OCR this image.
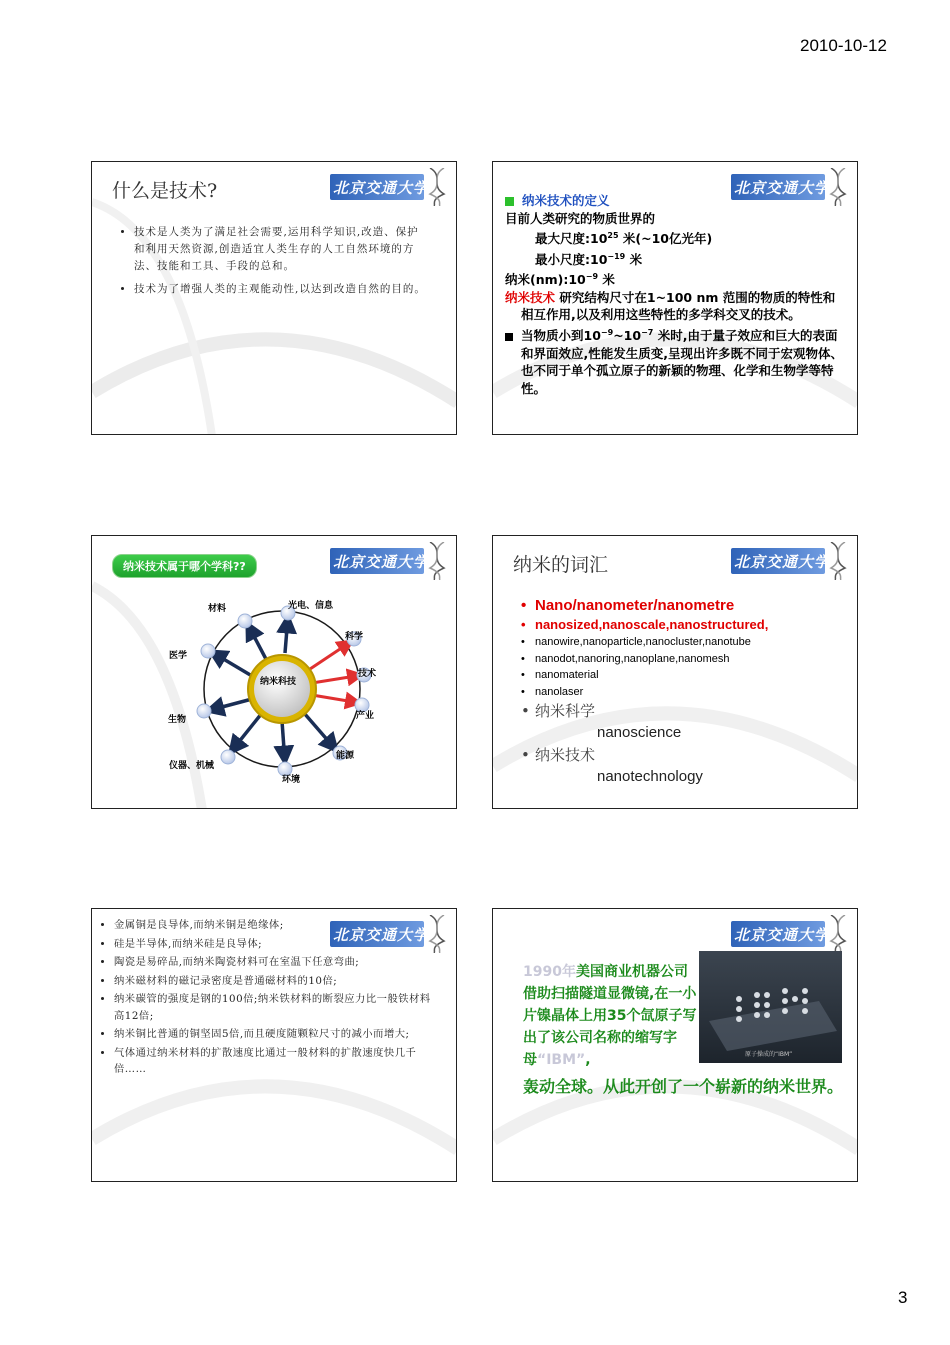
2010-10-12
北京交通大学
什么是技术?
• 技术是人类为了满足社会需要,运用科学知识,改造、保护和利用天然资源,创造适宜人类生存的人工自然环境的方法、技能和工具、手段的总和。
• 技术为了增强人类的主观能动性,以达到改造自然的目的。
北京交通大学
纳米技术的定义
目前人类研究的物质世界的
最大尺度$:10^{25}$ 米(~10亿光年)
最小尺度$:10^{-19}$ 米
纳米$(nm):10^{-9}$ 米
纳米技术 研究结构尺寸在1~100 nm 范围的物质的特性和相互作用,以及利用这些特性的多学科交叉的技术。
当物质小到$10^{-9}\sim 10^{-7}$ 米时,由于量子效应和巨大的表面和界面效应,性能发生质变,呈现出许多既不同于宏观物体、也不同于单个孤立原子的新颖的物理、化学和生物学等特性。
北京交通大学
纳米技术属于哪个学科??
纳米科技
材料	光电、信息
科学
医学
技术
生物	产业
仪器、机械
能源
环境
北京交通大学
纳米的词汇
• Nano/nanometer/nanometre
• nanosized,nanoscale,nanostructured,
• nanowire,nanoparticle,nanocluster,nanotube
• nanodot,nanoring,nanoplane,nanomesh
• nanomaterial
• nanolaser
• 纳米科学
nanoscience
• 纳米技术
nanotechnology
北京交通大学
• 金属铜是良导体,而纳米铜是绝缘体;
• 硅是半导体,而纳米硅是良导体;
• 陶瓷是易碎品,而纳米陶瓷材料可在室温下任意弯曲;
• 纳米磁材料的磁记录密度是普通磁材料的10倍;
• 纳米碳管的强度是钢的100倍;纳米铁材料的断裂应力比一般铁材料高12倍;
• 纳米铜比普通的铜坚固5倍,而且硬度随颗粒尺寸的减小而增大;
• 气体通过纳米材料的扩散速度比通过一般材料的扩散速度快几千倍……
北京交通大学
原子操成的“IBM”
1990年美国商业机器公司借助扫描隧道显微镜,在一小片镍晶体上用35个氙原子写出了该公司名称的缩写字母“IBM”,
轰动全球。从此开创了一个崭新的纳米世界。
3
